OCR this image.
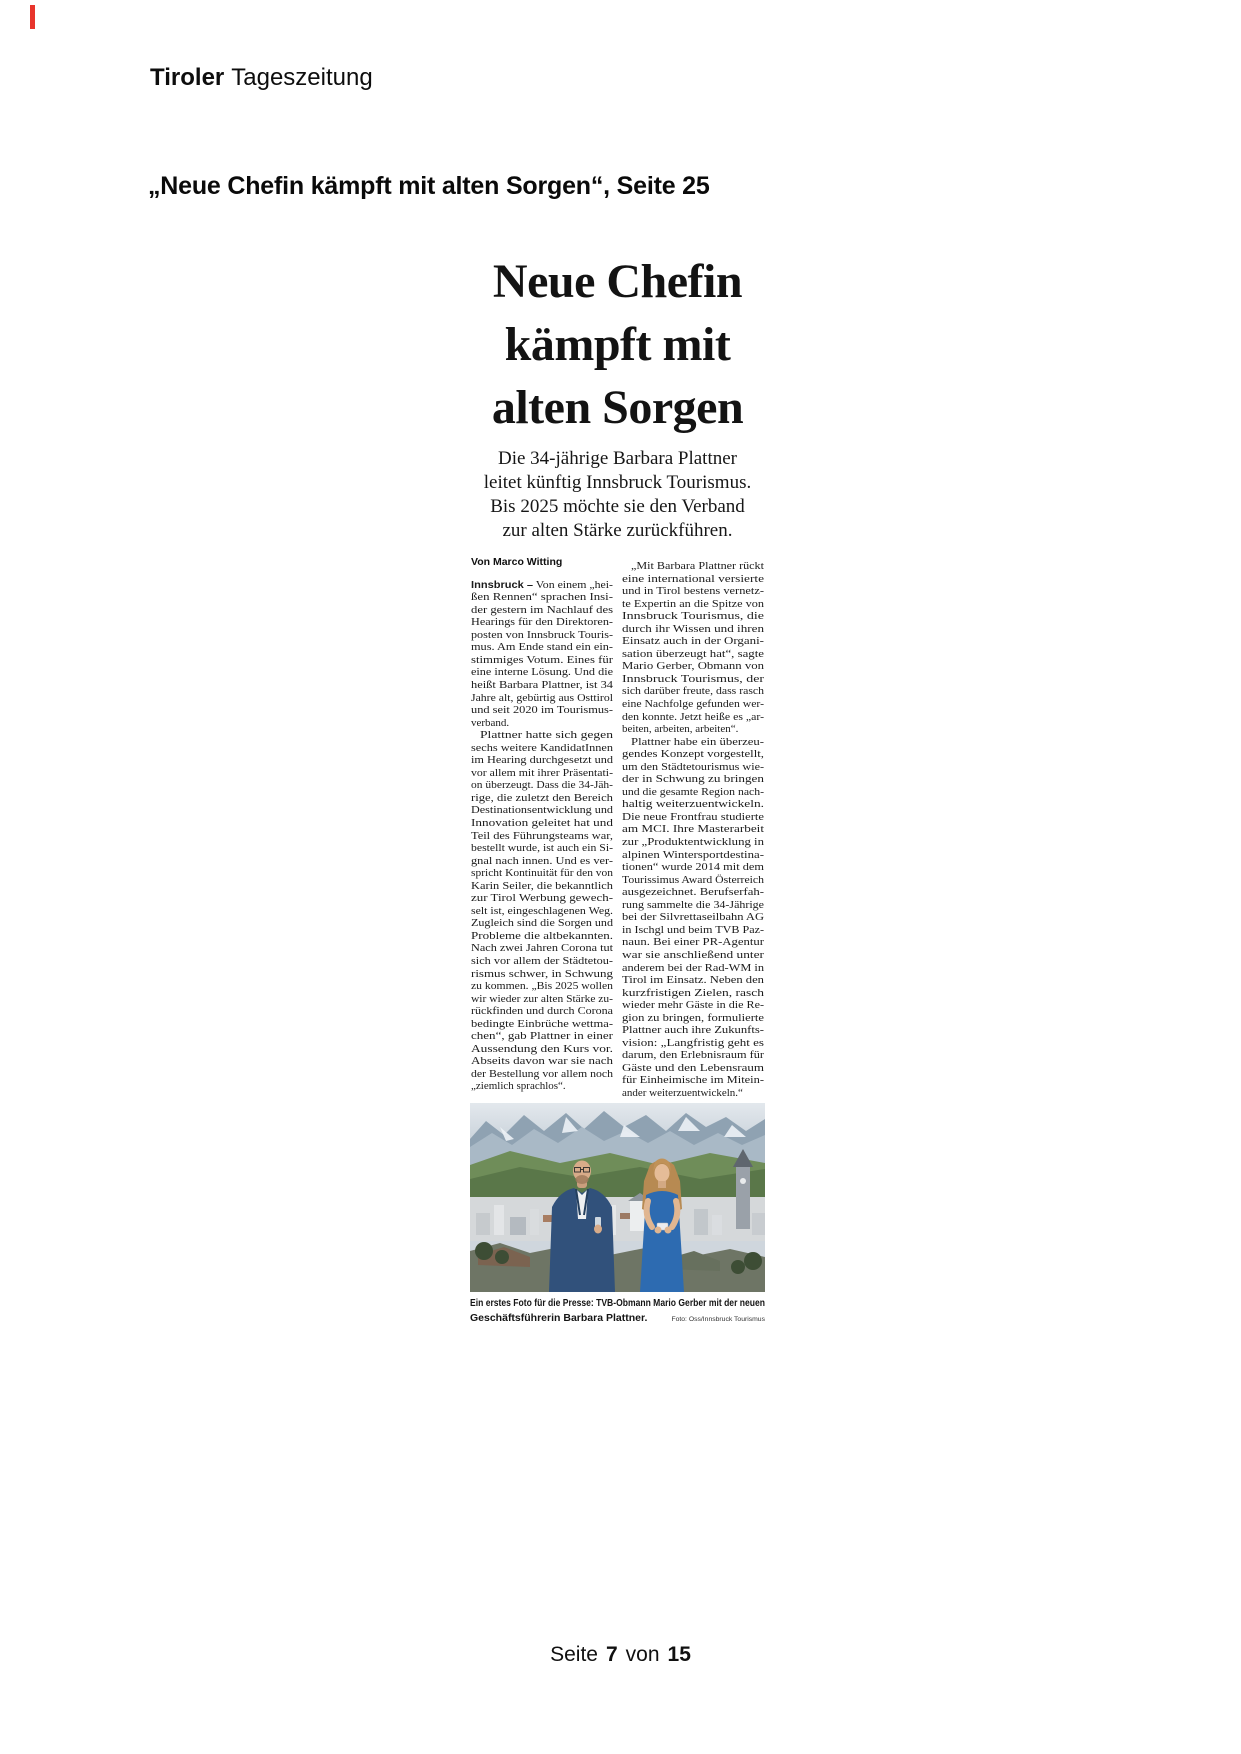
Tiroler Tageszeitung
„Neue Chefin kämpft mit alten Sorgen“, Seite 25
Neue Chefin
kämpft mit
alten Sorgen
Die 34-jährige Barbara Plattner
leitet künftig Innsbruck Tourismus.
Bis 2025 möchte sie den Verband
zur alten Stärke zurückführen.
Von Marco Witting
Innsbruck – Von einem „hei-
ßen Rennen“ sprachen Insi-
der gestern im Nachlauf des
Hearings für den Direktoren-
posten von Innsbruck Touris-
mus. Am Ende stand ein ein-
stimmiges Votum. Eines für
eine interne Lösung. Und die
heißt Barbara Plattner, ist 34
Jahre alt, gebürtig aus Osttirol
und seit 2020 im Tourismus-
verband.
Plattner hatte sich gegen
sechs weitere KandidatInnen
im Hearing durchgesetzt und
vor allem mit ihrer Präsentati-
on überzeugt. Dass die 34-Jäh-
rige, die zuletzt den Bereich
Destinationsentwicklung und
Innovation geleitet hat und
Teil des Führungsteams war,
bestellt wurde, ist auch ein Si-
gnal nach innen. Und es ver-
spricht Kontinuität für den von
Karin Seiler, die bekanntlich
zur Tirol Werbung gewech-
selt ist, eingeschlagenen Weg.
Zugleich sind die Sorgen und
Probleme die altbekannten.
Nach zwei Jahren Corona tut
sich vor allem der Städtetou-
rismus schwer, in Schwung
zu kommen. „Bis 2025 wollen
wir wieder zur alten Stärke zu-
rückfinden und durch Corona
bedingte Einbrüche wettma-
chen“, gab Plattner in einer
Aussendung den Kurs vor.
Abseits davon war sie nach
der Bestellung vor allem noch
„ziemlich sprachlos“.
„Mit Barbara Plattner rückt
eine international versierte
und in Tirol bestens vernetz-
te Expertin an die Spitze von
Innsbruck Tourismus, die
durch ihr Wissen und ihren
Einsatz auch in der Organi-
sation überzeugt hat“, sagte
Mario Gerber, Obmann von
Innsbruck Tourismus, der
sich darüber freute, dass rasch
eine Nachfolge gefunden wer-
den konnte. Jetzt heiße es „ar-
beiten, arbeiten, arbeiten“.
Plattner habe ein überzeu-
gendes Konzept vorgestellt,
um den Städtetourismus wie-
der in Schwung zu bringen
und die gesamte Region nach-
haltig weiterzuentwickeln.
Die neue Frontfrau studierte
am MCI. Ihre Masterarbeit
zur „Produktentwicklung in
alpinen Wintersportdestina-
tionen“ wurde 2014 mit dem
Tourissimus Award Österreich
ausgezeichnet. Berufserfah-
rung sammelte die 34-Jährige
bei der Silvrettaseilbahn AG
in Ischgl und beim TVB Paz-
naun. Bei einer PR-Agentur
war sie anschließend unter
anderem bei der Rad-WM in
Tirol im Einsatz. Neben den
kurzfristigen Zielen, rasch
wieder mehr Gäste in die Re-
gion zu bringen, formulierte
Plattner auch ihre Zukunfts-
vision: „Langfristig geht es
darum, den Erlebnisraum für
Gäste und den Lebensraum
für Einheimische im Mitein-
ander weiterzuentwickeln.“
Ein erstes Foto für die Presse: TVB-Obmann Mario Gerber mit der neuen
Geschäftsführerin Barbara Plattner.	Foto: Oss/Innsbruck Tourismus
Seite 7 von 15
